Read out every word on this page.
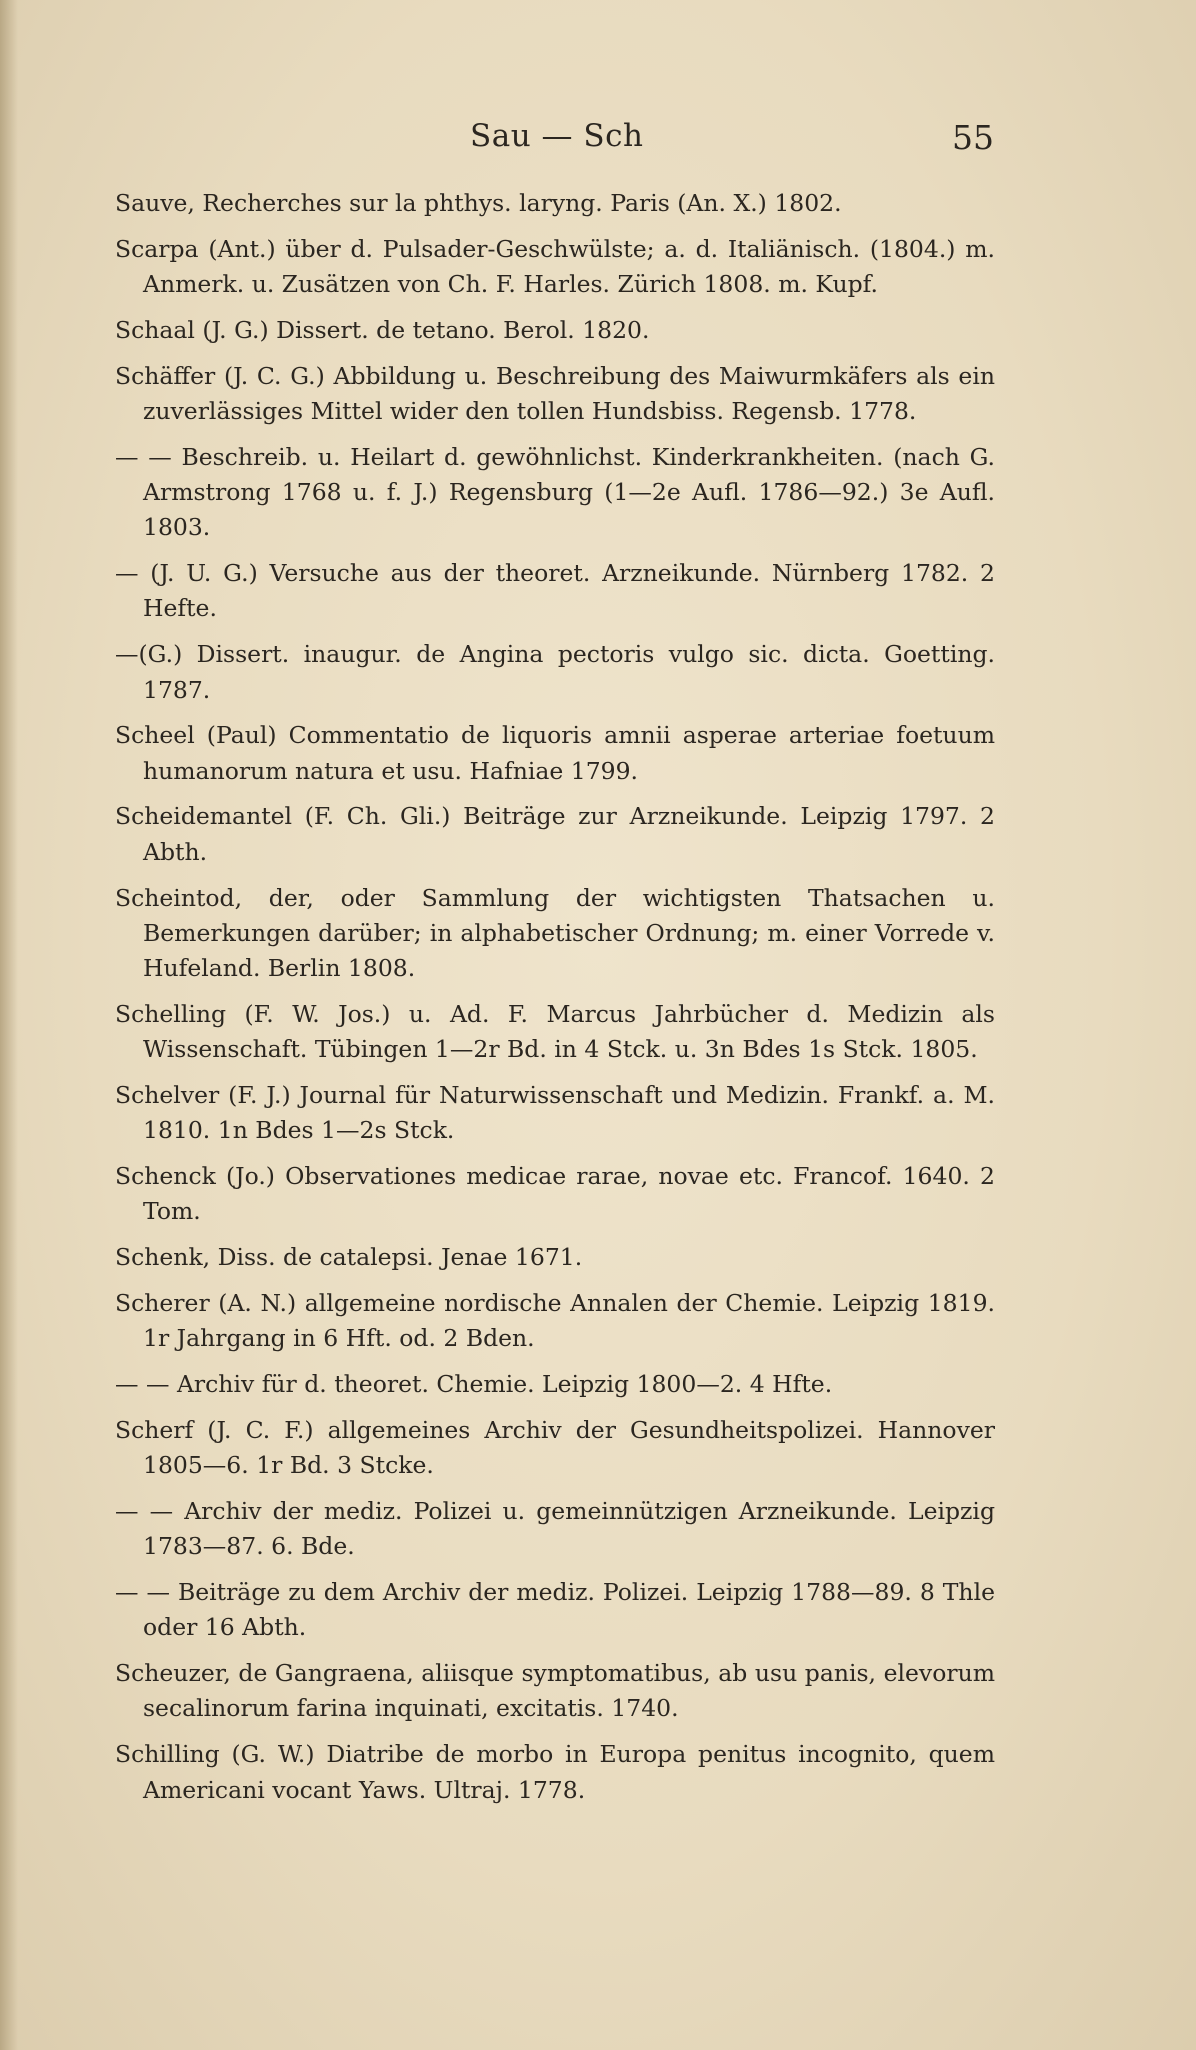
Sau — Sch	55

Sauve, Recherches sur la phthys. laryng. Paris (An. X.) 1802.

Scarpa (Ant.) über d. Pulsader-Geschwülste; a. d. Italiänisch. (1804.) m. Anmerk. u. Zusätzen von Ch. F. Harles. Zürich 1808. m. Kupf.

Schaal (J. G.) Dissert. de tetano. Berol. 1820.

Schäffer (J. C. G.) Abbildung u. Beschreibung des Maiwurmkäfers als ein zuverlässiges Mittel wider den tollen Hundsbiss. Regensb. 1778.

— — Beschreib. u. Heilart d. gewöhnlichst. Kinderkrankheiten. (nach G. Armstrong 1768 u. f. J.) Regensburg (1—2e Aufl. 1786—92.) 3e Aufl. 1803.

— (J. U. G.) Versuche aus der theoret. Arzneikunde. Nürnberg 1782. 2 Hefte.

—(G.) Dissert. inaugur. de Angina pectoris vulgo sic. dicta. Goetting. 1787.

Scheel (Paul) Commentatio de liquoris amnii asperae arteriae foetuum humanorum natura et usu. Hafniae 1799.

Scheidemantel (F. Ch. Gli.) Beiträge zur Arzneikunde. Leipzig 1797. 2 Abth.

Scheintod, der, oder Sammlung der wichtigsten Thatsachen u. Bemerkungen darüber; in alphabetischer Ordnung; m. einer Vorrede v. Hufeland. Berlin 1808.

Schelling (F. W. Jos.) u. Ad. F. Marcus Jahrbücher d. Medizin als Wissenschaft. Tübingen 1—2r Bd. in 4 Stck. u. 3n Bdes 1s Stck. 1805.

Schelver (F. J.) Journal für Naturwissenschaft und Medizin. Frankf. a. M. 1810. 1n Bdes 1—2s Stck.

Schenck (Jo.) Observationes medicae rarae, novae etc. Francof. 1640. 2 Tom.

Schenk, Diss. de catalepsi. Jenae 1671.

Scherer (A. N.) allgemeine nordische Annalen der Chemie. Leipzig 1819. 1r Jahrgang in 6 Hft. od. 2 Bden.

— — Archiv für d. theoret. Chemie. Leipzig 1800—2. 4 Hfte.

Scherf (J. C. F.) allgemeines Archiv der Gesundheitspolizei. Hannover 1805—6. 1r Bd. 3 Stcke.

— — Archiv der mediz. Polizei u. gemeinnützigen Arzneikunde. Leipzig 1783—87. 6. Bde.

— — Beiträge zu dem Archiv der mediz. Polizei. Leipzig 1788—89. 8 Thle oder 16 Abth.

Scheuzer, de Gangraena, aliisque symptomatibus, ab usu panis, elevorum secalinorum farina inquinati, excitatis. 1740.

Schilling (G. W.) Diatribe de morbo in Europa penitus incognito, quem Americani vocant Yaws. Ultraj. 1778.
